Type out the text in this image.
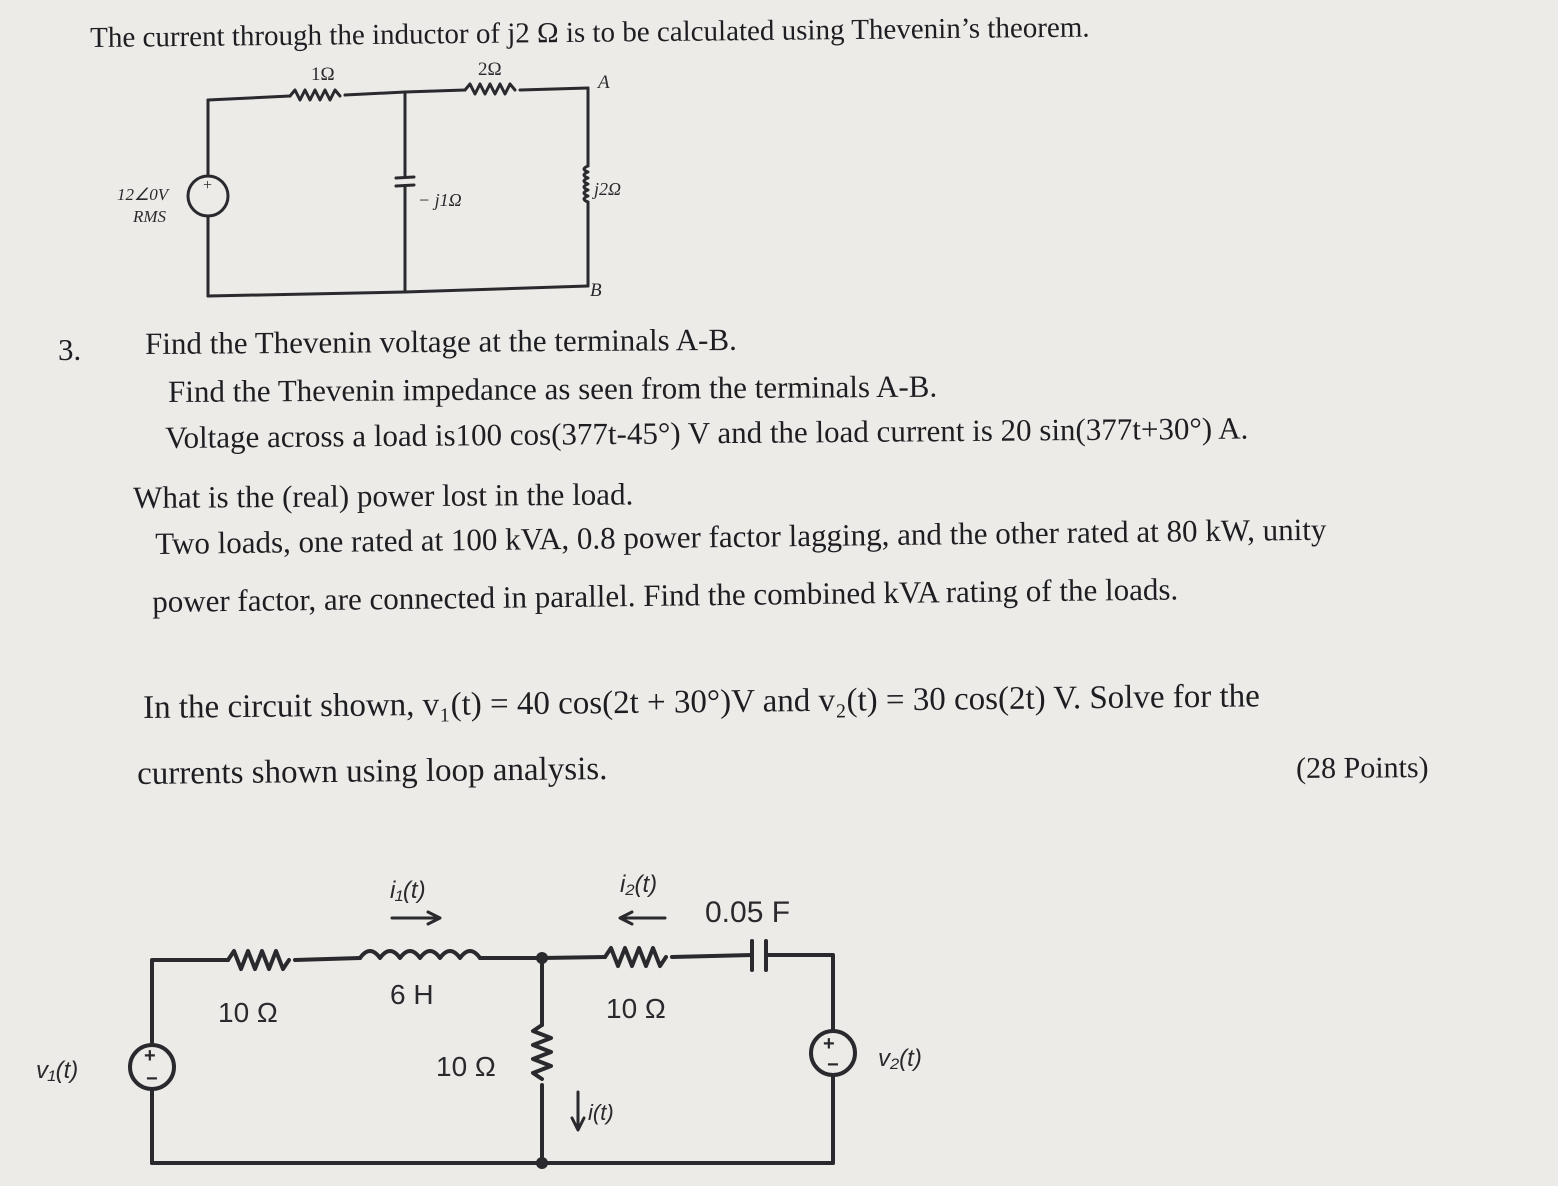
The current through the inductor of j2 Ω is to be calculated using Thevenin’s theorem.
1Ω	2Ω
A
B
12∠0V
RMS
+
− j1Ω
j2Ω
3. Find the Thevenin voltage at the terminals A-B.
Find the Thevenin impedance as seen from the terminals A-B.
Voltage across a load is100 cos(377t-45°) V and the load current is 20 sin(377t+30°) A.
What is the (real) power lost in the load.
Two loads, one rated at 100 kVA, 0.8 power factor lagging, and the other rated at 80 kW, unity
power factor, are connected in parallel. Find the combined kVA rating of the loads.
In the circuit shown, v₁(t) = 40 cos(2t + 30°)V and v₂(t) = 30 cos(2t) V. Solve for the
currents shown using loop analysis.	(28 Points)
i₁(t)	i₂(t)
i(t)
0.05 F
10 Ω
6 H
10 Ω
10 Ω
v₁(t)	v₂(t)
+
−
+
−
